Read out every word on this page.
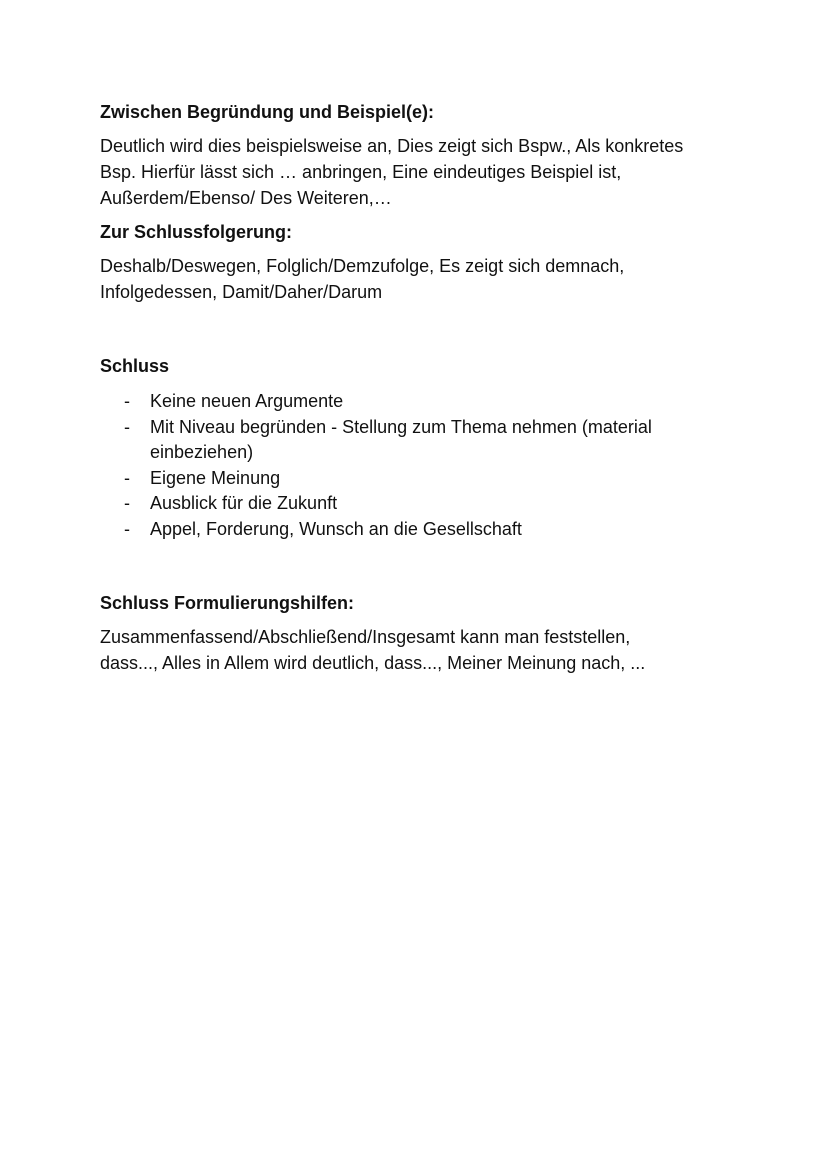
Zwischen Begründung und Beispiel(e):

Deutlich wird dies beispielsweise an, Dies zeigt sich Bspw., Als konkretes
Bsp. Hierfür lässt sich … anbringen, Eine eindeutiges Beispiel ist,
Außerdem/Ebenso/ Des Weiteren,…

Zur Schlussfolgerung:

Deshalb/Deswegen, Folglich/Demzufolge, Es zeigt sich demnach,
Infolgedessen, Damit/Daher/Darum

Schluss

- Keine neuen Argumente
- Mit Niveau begründen - Stellung zum Thema nehmen (material
einbeziehen)
- Eigene Meinung
- Ausblick für die Zukunft
- Appel, Forderung, Wunsch an die Gesellschaft

Schluss Formulierungshilfen:

Zusammenfassend/Abschließend/Insgesamt kann man feststellen,
dass..., Alles in Allem wird deutlich, dass..., Meiner Meinung nach, ...
